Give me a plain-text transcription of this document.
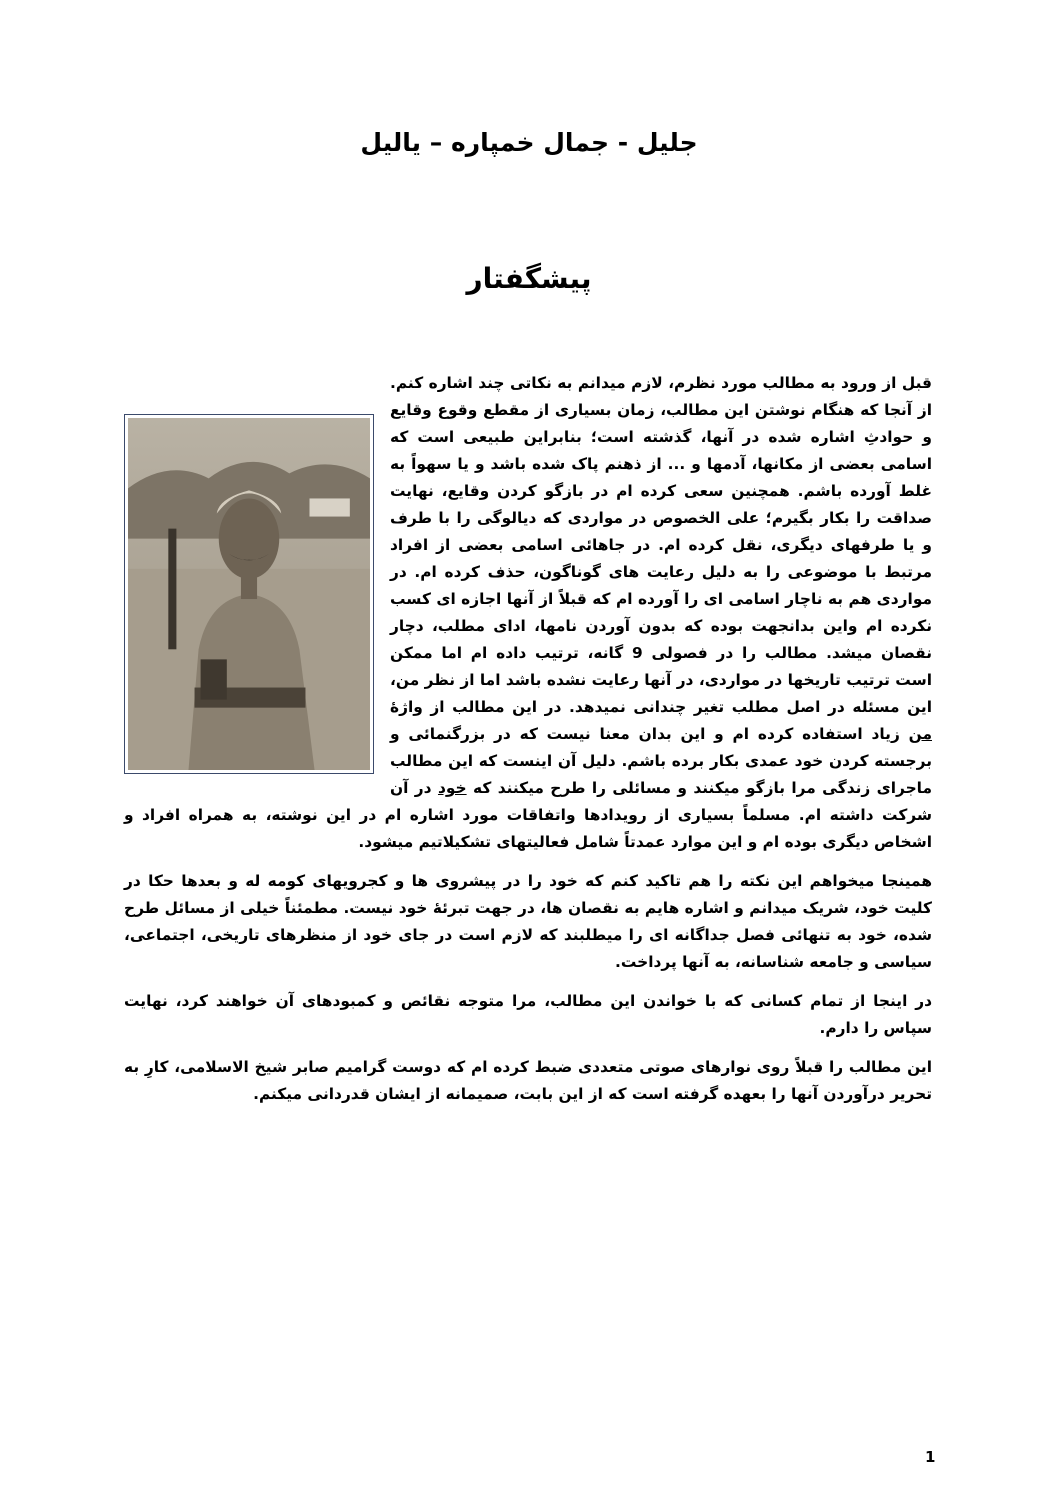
جلیل - جمال خمپاره – یالیل
پیشگفتار

قبل از ورود به مطالب مورد نظرم، لازم میدانم به نکاتی چند اشاره کنم. از آنجا که هنگام نوشتن این مطالب، زمان بسیاری از مقطع وقوع وقایع و حوادثِ اشاره شده در آنها، گذشته است؛ بنابراین طبیعی است که اسامی بعضی از مکانها، آدمها و ... از ذهنم پاک شده باشد و یا سهواً به غلط آورده باشم. همچنین سعی کرده ام در بازگو کردن وقایع، نهایت صداقت را بکار بگیرم؛ علی الخصوص در مواردی که دیالوگی را با طرف و یا طرفهای دیگری، نقل کرده ام. در جاهائی اسامی بعضی از افراد مرتبط با موضوعی را به دلیل رعایت های گوناگون، حذف کرده ام. در مواردی هم به ناچار اسامی ای را آورده ام که قبلاً از آنها اجازه ای کسب نکرده ام واین بدانجهت بوده که بدون آوردن نامها، ادای مطلب، دچار نقصان میشد. مطالب را در فصولی 9 گانه، ترتیب داده ام اما ممکن است ترتیب تاریخها در مواردی، در آنها رعایت نشده باشد اما از نظر من، این مسئله در اصل مطلب تغیر چندانی نمیدهد. در این مطالب از واژهٔ من زیاد استفاده کرده ام و این بدان معنا نیست که در بزرگنمائی و برجسته کردن خود عمدی بکار برده باشم. دلیل آن اینست که این مطالب ماجرای زندگی مرا بازگو میکنند و مسائلی را طرح میکنند که خود در آن شرکت داشته ام. مسلماً بسیاری از رویدادها واتفاقات مورد اشاره ام در این نوشته، به همراه افراد و اشخاص دیگری بوده ام و این موارد عمدتاً شامل فعالیتهای تشکیلاتیم میشود.

همینجا میخواهم این نکته را هم تاکید کنم که خود را در پیشروی ها و کجرویهای کومه له و بعدها حکا در کلیت خود، شریک میدانم و اشاره هایم به نقصان ها، در جهت تبرئهٔ خود نیست. مطمئناً خیلی از مسائل طرح شده، خود به تنهائی فصل جداگانه ای را میطلبند که لازم است در جای خود از منظرهای تاریخی، اجتماعی، سیاسی و جامعه شناسانه، به آنها پرداخت.

در اینجا از تمام کسانی که با خواندن این مطالب، مرا متوجه نقائص و کمبودهای آن خواهند کرد، نهایت سپاس را دارم.

این مطالب را قبلاً روی نوارهای صوتی متعددی ضبط کرده ام که دوست گرامیم صابر شیخ الاسلامی، کارِ به تحریر درآوردن آنها را بعهده گرفته است که از این بابت، صمیمانه از ایشان قدردانی میکنم.

1
